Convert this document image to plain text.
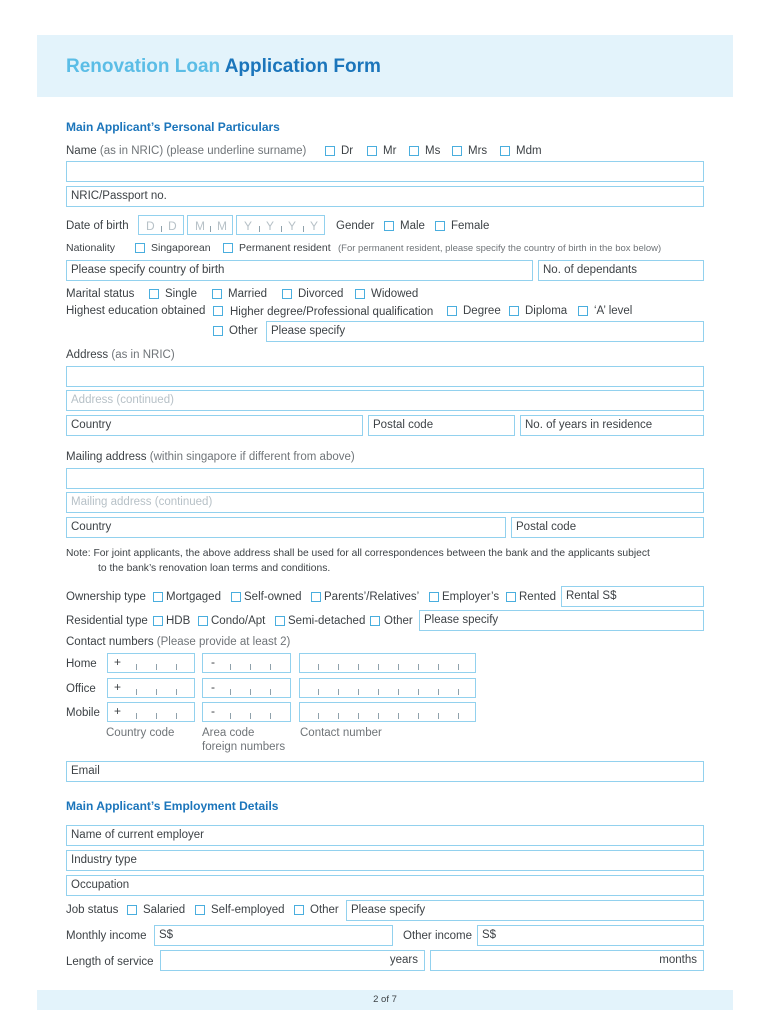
Renovation Loan Application Form
Main Applicant’s Personal Particulars
Name (as in NRIC) (please underline surname)	Dr	Mr Ms Mrs	Mdm
NRIC/Passport no.
Date of birth D D M M Y Y Y Y Gender Male Female
Nationality	Singaporean	Permanent resident (For permanent resident, please specify the country of birth in the box below)
Please specify country of birth	No. of dependants
Marital status	Single	Married	Divorced Widowed
Highest education obtained Higher degree/Professional qualification	Degree Diploma ‘A’ level
Other Please specify
Address (as in NRIC)
Address (continued)
Country	Postal code	No. of years in residence
Mailing address (within singapore if different from above)
Mailing address (continued)
Country	Postal code
Note: For joint applicants, the above address shall be used for all correspondences between the bank and the applicants subject
to the bank’s renovation loan terms and conditions.
Ownership type Mortgaged Self-owned Parents’/Relatives’ Employer’s Rented Rental S$
Residential type HDB Condo/Apt Semi-detached Other Please specify
Contact numbers (Please provide at least 2)
Home +	-
Office +	-
Mobile +	-
Country code Area code
foreign numbers
Contact number
Email
Main Applicant’s Employment Details
Name of current employer
Industry type
Occupation
Job status Salaried Self-employed Other Please specify
Monthly income S$	Other income S$
Length of service	years	months
2 of 7
